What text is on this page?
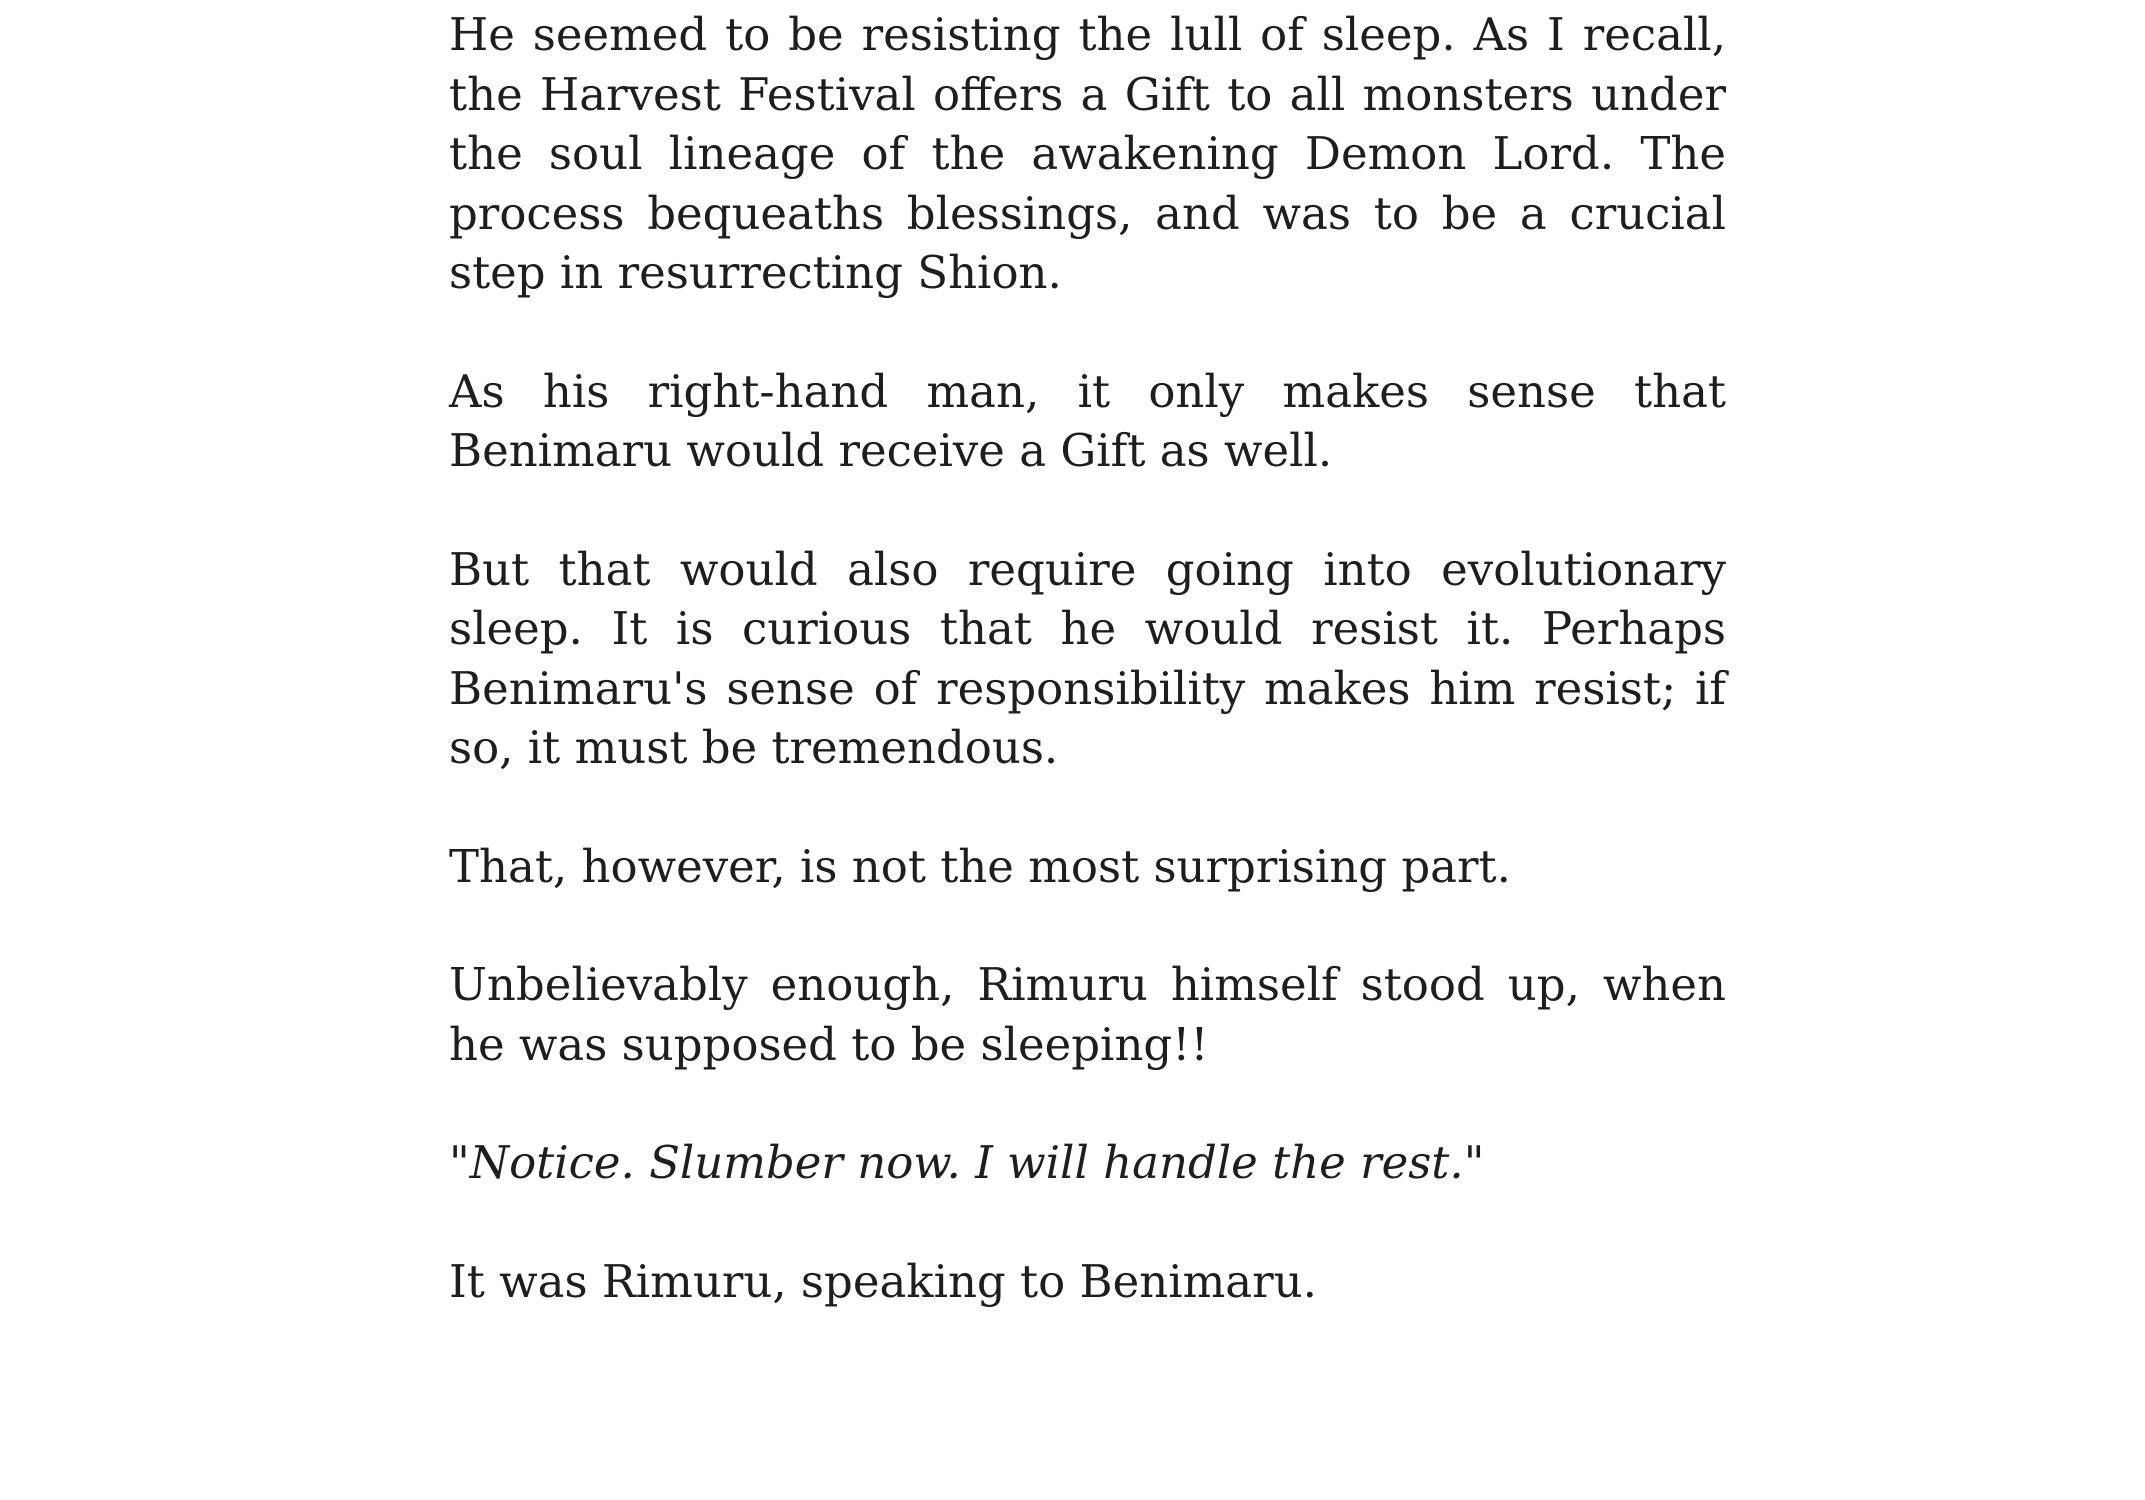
He seemed to be resisting the lull of sleep. As I recall, the Harvest Festival offers a Gift to all monsters under the soul lineage of the awakening Demon Lord. The process bequeaths blessings, and was to be a crucial step in resurrecting Shion.

As his right-hand man, it only makes sense that Benimaru would receive a Gift as well.

But that would also require going into evolutionary sleep. It is curious that he would resist it. Perhaps Benimaru's sense of responsibility makes him resist; if so, it must be tremendous.

That, however, is not the most surprising part.

Unbelievably enough, Rimuru himself stood up, when he was supposed to be sleeping!!

"Notice. Slumber now. I will handle the rest."

It was Rimuru, speaking to Benimaru.
